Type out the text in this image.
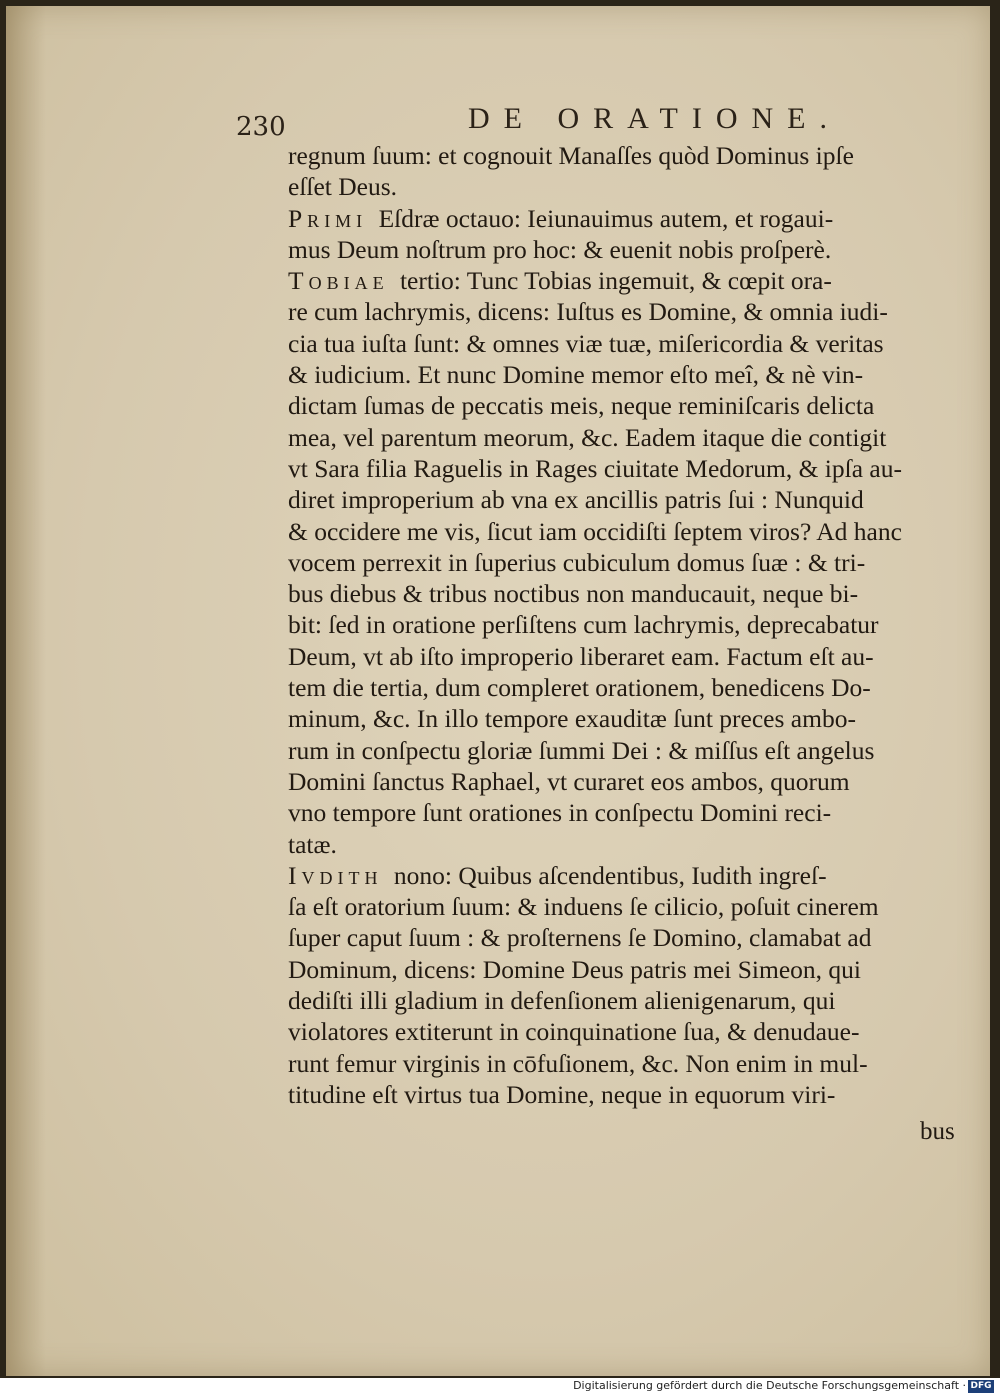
230	DE ORATIONE.
regnum ſuum: et cognouit Manaſſes quòd Dominus ipſe
eſſet Deus.
Primi Eſdræ octauo: Ieiunauimus autem, et rogaui-
mus Deum noſtrum pro hoc: & euenit nobis proſperè.
Tobiae tertio: Tunc Tobias ingemuit, & cœpit ora-
re cum lachrymis, dicens: Iuſtus es Domine, & omnia iudi-
cia tua iuſta ſunt: & omnes viæ tuæ, miſericordia & veritas
& iudicium. Et nunc Domine memor eſto meî, & nè vin-
dictam ſumas de peccatis meis, neque reminiſcaris delicta
mea, vel parentum meorum, &c. Eadem itaque die contigit
vt Sara filia Raguelis in Rages ciuitate Medorum, & ipſa au-
diret improperium ab vna ex ancillis patris ſui : Nunquid
& occidere me vis, ſicut iam occidiſti ſeptem viros? Ad hanc
vocem perrexit in ſuperius cubiculum domus ſuæ : & tri-
bus diebus & tribus noctibus non manducauit, neque bi-
bit: ſed in oratione perſiſtens cum lachrymis, deprecabatur
Deum, vt ab iſto improperio liberaret eam. Factum eſt au-
tem die tertia, dum compleret orationem, benedicens Do-
minum, &c. In illo tempore exauditæ ſunt preces ambo-
rum in conſpectu gloriæ ſummi Dei : & miſſus eſt angelus
Domini ſanctus Raphael, vt curaret eos ambos, quorum
vno tempore ſunt orationes in conſpectu Domini reci-
tatæ.
Ivdith nono: Quibus aſcendentibus, Iudith ingreſ-
ſa eſt oratorium ſuum: & induens ſe cilicio, poſuit cinerem
ſuper caput ſuum : & proſternens ſe Domino, clamabat ad
Dominum, dicens: Domine Deus patris mei Simeon, qui
dediſti illi gladium in defenſionem alienigenarum, qui
violatores extiterunt in coinquinatione ſua, & denudaue-
runt femur virginis in cōfuſionem, &c. Non enim in mul-
titudine eſt virtus tua Domine, neque in equorum viri-
bus
Digitalisierung gefördert durch die Deutsche Forschungsgemeinschaft · DFG
